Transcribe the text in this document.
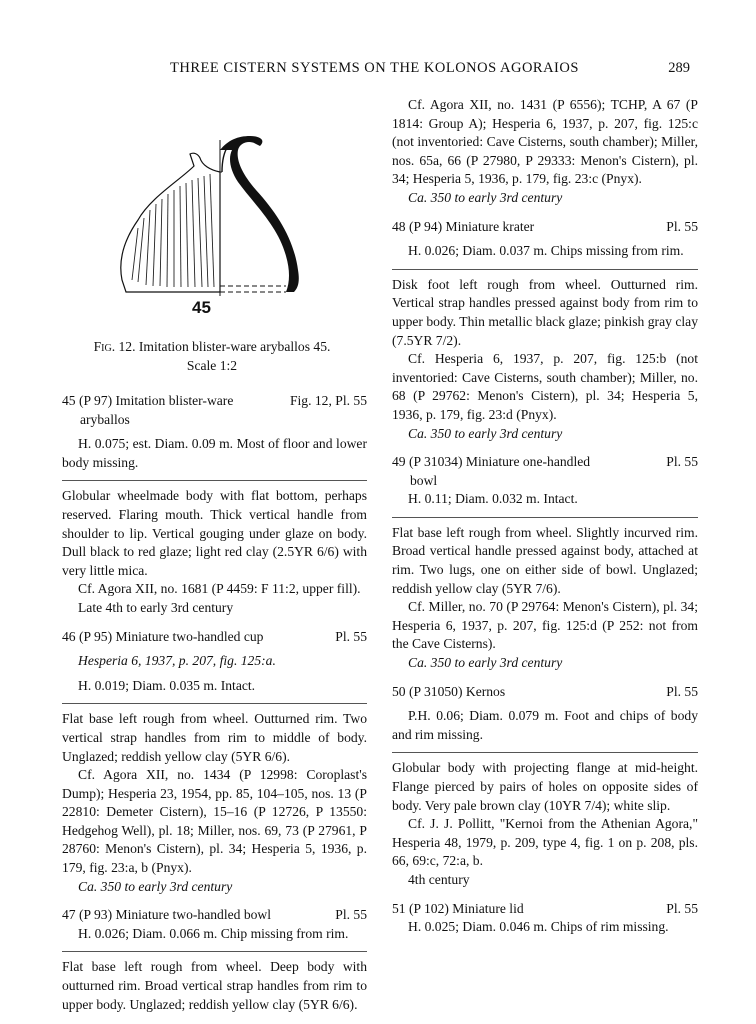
THREE CISTERN SYSTEMS ON THE KOLONOS AGORAIOS	289
45
Fig. 12. Imitation blister-ware aryballos 45.
Scale 1:2
45 (P 97) Imitation blister-ware	Fig. 12, Pl. 55
aryballos

H. 0.075; est. Diam. 0.09 m. Most of floor and lower body missing.

Globular wheelmade body with flat bottom, perhaps reserved. Flaring mouth. Thick vertical handle from shoulder to lip. Vertical gouging under glaze on body. Dull black to red glaze; light red clay (2.5YR 6/6) with very little mica.

Cf. Agora XII, no. 1681 (P 4459: F 11:2, upper fill).

Late 4th to early 3rd century

46 (P 95) Miniature two-handled cup	Pl. 55

Hesperia 6, 1937, p. 207, fig. 125:a.

H. 0.019; Diam. 0.035 m. Intact.

Flat base left rough from wheel. Outturned rim. Two vertical strap handles from rim to middle of body. Unglazed; reddish yellow clay (5YR 6/6).

Cf. Agora XII, no. 1434 (P 12998: Coroplast's Dump); Hesperia 23, 1954, pp. 85, 104–105, nos. 13 (P 22810: Demeter Cistern), 15–16 (P 12726, P 13550: Hedgehog Well), pl. 18; Miller, nos. 69, 73 (P 27961, P 28760: Menon's Cistern), pl. 34; Hesperia 5, 1936, p. 179, fig. 23:a, b (Pnyx).

Ca. 350 to early 3rd century

47 (P 93) Miniature two-handled bowl	Pl. 55

H. 0.026; Diam. 0.066 m. Chip missing from rim.

Flat base left rough from wheel. Deep body with outturned rim. Broad vertical strap handles from rim to upper body. Unglazed; reddish yellow clay (5YR 6/6).

Cf. Agora XII, no. 1431 (P 6556); TCHP, A 67 (P 1814: Group A); Hesperia 6, 1937, p. 207, fig. 125:c (not inventoried: Cave Cisterns, south chamber); Miller, nos. 65a, 66 (P 27980, P 29333: Menon's Cistern), pl. 34; Hesperia 5, 1936, p. 179, fig. 23:c (Pnyx).

Ca. 350 to early 3rd century

48 (P 94) Miniature krater	Pl. 55

H. 0.026; Diam. 0.037 m. Chips missing from rim.

Disk foot left rough from wheel. Outturned rim. Vertical strap handles pressed against body from rim to upper body. Thin metallic black glaze; pinkish gray clay (7.5YR 7/2).

Cf. Hesperia 6, 1937, p. 207, fig. 125:b (not inventoried: Cave Cisterns, south chamber); Miller, no. 68 (P 29762: Menon's Cistern), pl. 34; Hesperia 5, 1936, p. 179, fig. 23:d (Pnyx).

Ca. 350 to early 3rd century

49 (P 31034) Miniature one-handled	Pl. 55
bowl

H. 0.11; Diam. 0.032 m. Intact.

Flat base left rough from wheel. Slightly incurved rim. Broad vertical handle pressed against body, attached at rim. Two lugs, one on either side of bowl. Unglazed; reddish yellow clay (5YR 7/6).

Cf. Miller, no. 70 (P 29764: Menon's Cistern), pl. 34; Hesperia 6, 1937, p. 207, fig. 125:d (P 252: not from the Cave Cisterns).

Ca. 350 to early 3rd century

50 (P 31050) Kernos	Pl. 55

P.H. 0.06; Diam. 0.079 m. Foot and chips of body and rim missing.

Globular body with projecting flange at mid-height. Flange pierced by pairs of holes on opposite sides of body. Very pale brown clay (10YR 7/4); white slip.

Cf. J. J. Pollitt, "Kernoi from the Athenian Agora," Hesperia 48, 1979, p. 209, type 4, fig. 1 on p. 208, pls. 66, 69:c, 72:a, b.

4th century

51 (P 102) Miniature lid	Pl. 55

H. 0.025; Diam. 0.046 m. Chips of rim missing.
